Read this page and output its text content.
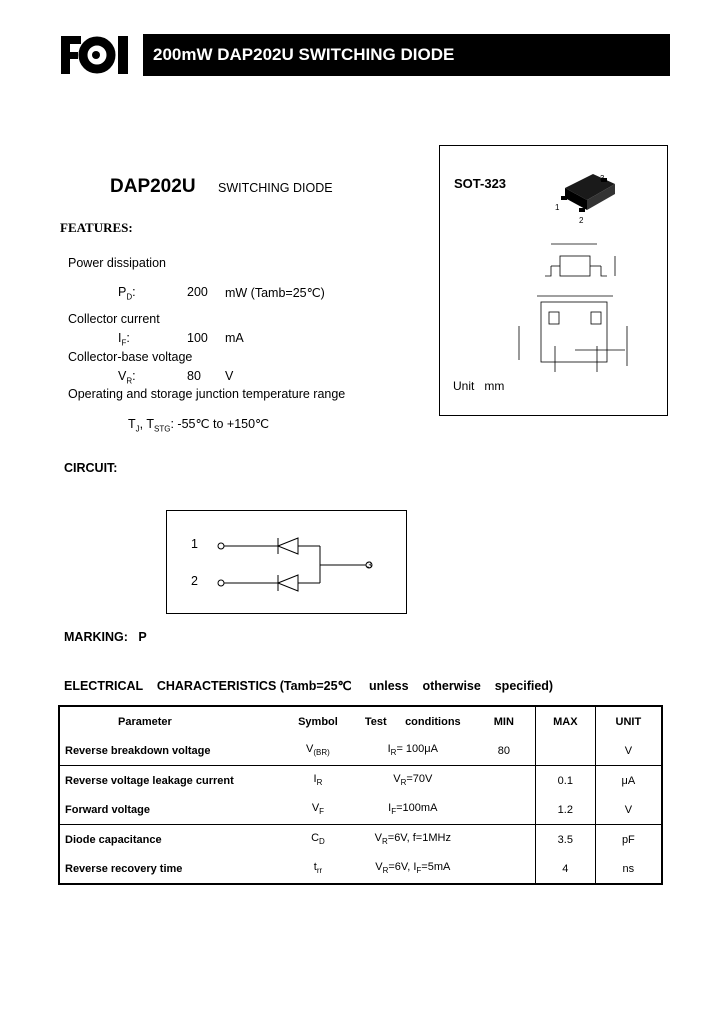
200mW DAP202U SWITCHING DIODE
DAP202U SWITCHING DIODE
FEATURES:
Power dissipation
$P_D$:	200 mW (Tamb=25℃)
Collector current
$I_F$:	100 mA
Collector-base voltage
$V_R$:	80 V
Operating and storage junction temperature range
$T_J$, $T_{STG}$: -55℃ to +150℃
SOT-323	3
1
2
Unit mm
CIRCUIT:
1
2
3
MARKING: P
ELECTRICAL CHARACTERISTICS (Tamb=25℃ unless otherwise specified)
Parameter	Symbol	Test conditions	MIN	MAX	UNIT
Reverse breakdown voltage	$V_{(BR)}$	$I_R= 100\mu A$	80		V
Reverse voltage leakage current	$I_R$	$V_R=70V$		0.1	μA
Forward voltage	$V_F$	$I_F=100mA$		1.2	V
Diode capacitance	$C_D$	$V_R=6V$, f=1MHz		3.5	pF
Reverse recovery time	$t_{rr}$	$V_R=6V$, $I_F=5mA$		4	ns
